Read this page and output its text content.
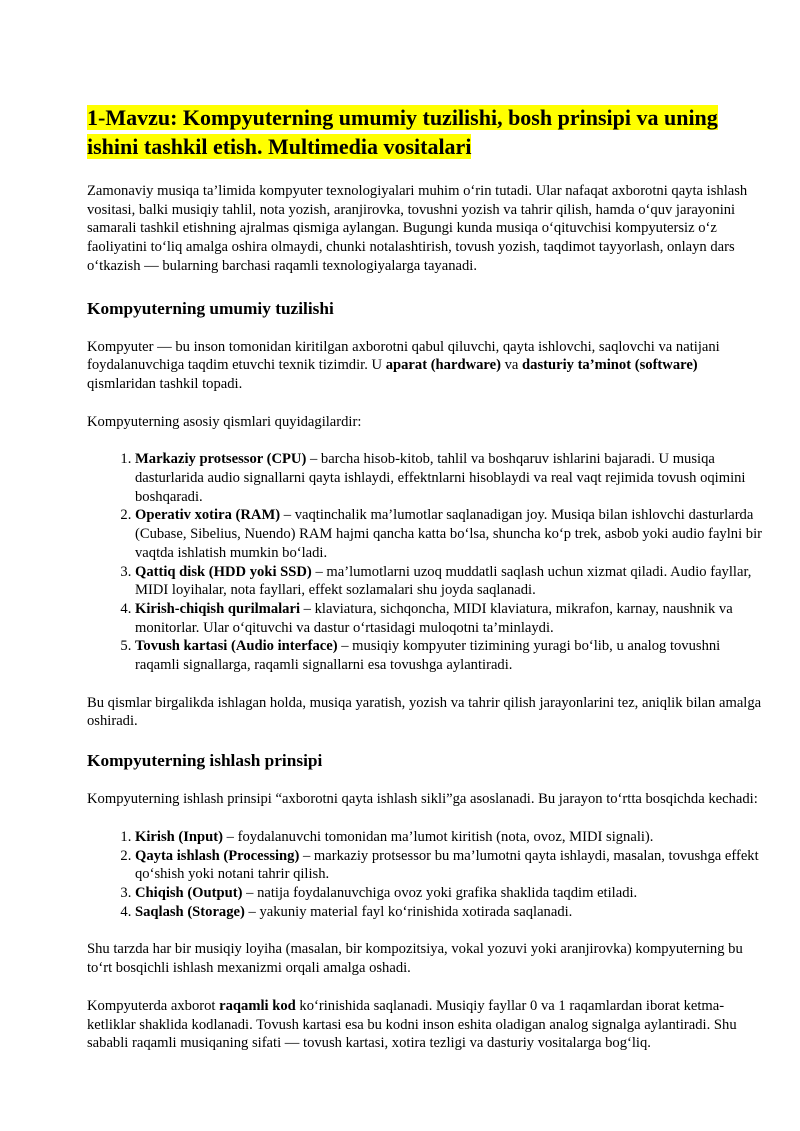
1-Mavzu: Kompyuterning umumiy tuzilishi, bosh prinsipi va uning ishini tashkil etish. Multimedia vositalari

Zamonaviy musiqa ta’limida kompyuter texnologiyalari muhim o‘rin tutadi. Ular nafaqat axborotni qayta ishlash vositasi, balki musiqiy tahlil, nota yozish, aranjirovka, tovushni yozish va tahrir qilish, hamda o‘quv jarayonini samarali tashkil etishning ajralmas qismiga aylangan. Bugungi kunda musiqa o‘qituvchisi kompyutersiz o‘z faoliyatini to‘liq amalga oshira olmaydi, chunki notalashtirish, tovush yozish, taqdimot tayyorlash, onlayn dars o‘tkazish — bularning barchasi raqamli texnologiyalarga tayanadi.

Kompyuterning umumiy tuzilishi

Kompyuter — bu inson tomonidan kiritilgan axborotni qabul qiluvchi, qayta ishlovchi, saqlovchi va natijani foydalanuvchiga taqdim etuvchi texnik tizimdir. U aparat (hardware) va dasturiy ta’minot (software) qismlaridan tashkil topadi.

Kompyuterning asosiy qismlari quyidagilardir:

1. Markaziy protsessor (CPU) – barcha hisob-kitob, tahlil va boshqaruv ishlarini bajaradi. U musiqa dasturlarida audio signallarni qayta ishlaydi, effektnlarni hisoblaydi va real vaqt rejimida tovush oqimini boshqaradi.
2. Operativ xotira (RAM) – vaqtinchalik ma’lumotlar saqlanadigan joy. Musiqa bilan ishlovchi dasturlarda (Cubase, Sibelius, Nuendo) RAM hajmi qancha katta bo‘lsa, shuncha ko‘p trek, asbob yoki audio faylni bir vaqtda ishlatish mumkin bo‘ladi.
3. Qattiq disk (HDD yoki SSD) – ma’lumotlarni uzoq muddatli saqlash uchun xizmat qiladi. Audio fayllar, MIDI loyihalar, nota fayllari, effekt sozlamalari shu joyda saqlanadi.
4. Kirish-chiqish qurilmalari – klaviatura, sichqoncha, MIDI klaviatura, mikrafon, karnay, naushnik va monitorlar. Ular o‘qituvchi va dastur o‘rtasidagi muloqotni ta’minlaydi.
5. Tovush kartasi (Audio interface) – musiqiy kompyuter tizimining yuragi bo‘lib, u analog tovushni raqamli signallarga, raqamli signallarni esa tovushga aylantiradi.

Bu qismlar birgalikda ishlagan holda, musiqa yaratish, yozish va tahrir qilish jarayonlarini tez, aniqlik bilan amalga oshiradi.

Kompyuterning ishlash prinsipi

Kompyuterning ishlash prinsipi “axborotni qayta ishlash sikli”ga asoslanadi. Bu jarayon to‘rtta bosqichda kechadi:

1. Kirish (Input) – foydalanuvchi tomonidan ma’lumot kiritish (nota, ovoz, MIDI signali).
2. Qayta ishlash (Processing) – markaziy protsessor bu ma’lumotni qayta ishlaydi, masalan, tovushga effekt qo‘shish yoki notani tahrir qilish.
3. Chiqish (Output) – natija foydalanuvchiga ovoz yoki grafika shaklida taqdim etiladi.
4. Saqlash (Storage) – yakuniy material fayl ko‘rinishida xotirada saqlanadi.

Shu tarzda har bir musiqiy loyiha (masalan, bir kompozitsiya, vokal yozuvi yoki aranjirovka) kompyuterning bu to‘rt bosqichli ishlash mexanizmi orqali amalga oshadi.

Kompyuterda axborot raqamli kod ko‘rinishida saqlanadi. Musiqiy fayllar 0 va 1 raqamlardan iborat ketma-ketliklar shaklida kodlanadi. Tovush kartasi esa bu kodni inson eshita oladigan analog signalga aylantiradi. Shu sababli raqamli musiqaning sifati — tovush kartasi, xotira tezligi va dasturiy vositalarga bog‘liq.
